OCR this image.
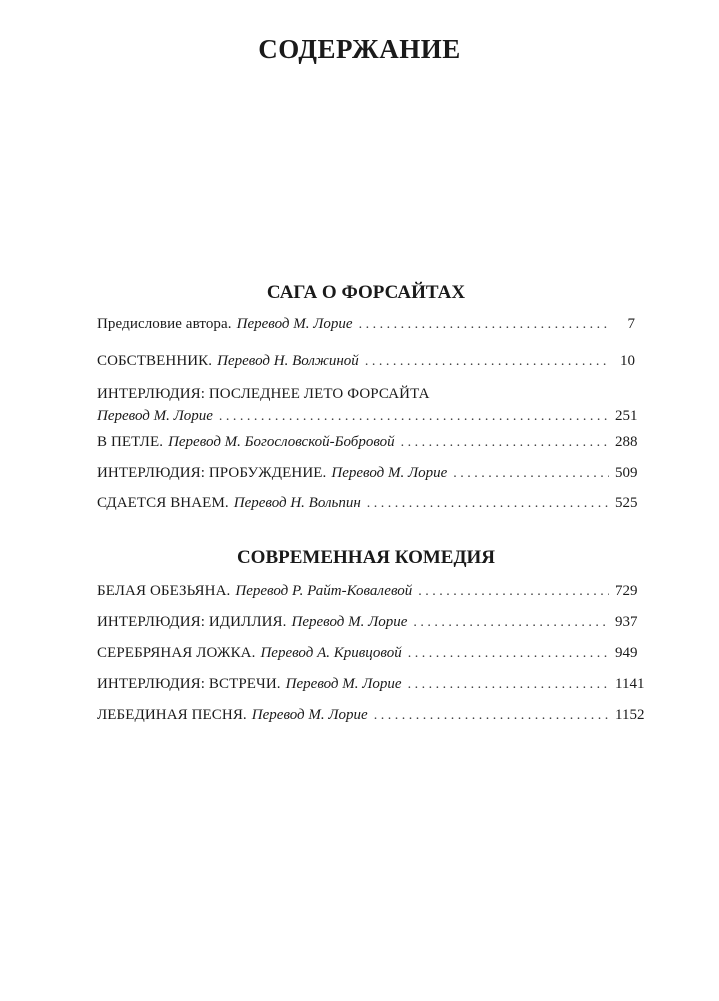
СОДЕРЖАНИЕ
САГА О ФОРСАЙТАХ
Предисловие автора. Перевод М. Лорие . . .	7
СОБСТВЕННИК. Перевод Н. Волжиной . . .	10
ИНТЕРЛЮДИЯ: ПОСЛЕДНЕЕ ЛЕТО ФОРСАЙТА
Перевод М. Лорие . . .	251
В ПЕТЛЕ. Перевод М. Богословской-Бобровой . . .	288
ИНТЕРЛЮДИЯ: ПРОБУЖДЕНИЕ. Перевод М. Лорие . . .	509
СДАЕТСЯ ВНАЕМ. Перевод Н. Вольпин . . .	525
СОВРЕМЕННАЯ КОМЕДИЯ
БЕЛАЯ ОБЕЗЬЯНА. Перевод Р. Райт-Ковалевой . . .	729
ИНТЕРЛЮДИЯ: ИДИЛЛИЯ. Перевод М. Лорие . . .	937
СЕРЕБРЯНАЯ ЛОЖКА. Перевод А. Кривцовой . . .	949
ИНТЕРЛЮДИЯ: ВСТРЕЧИ. Перевод М. Лорие . . .	1141
ЛЕБЕДИНАЯ ПЕСНЯ. Перевод М. Лорие . . .	1152
